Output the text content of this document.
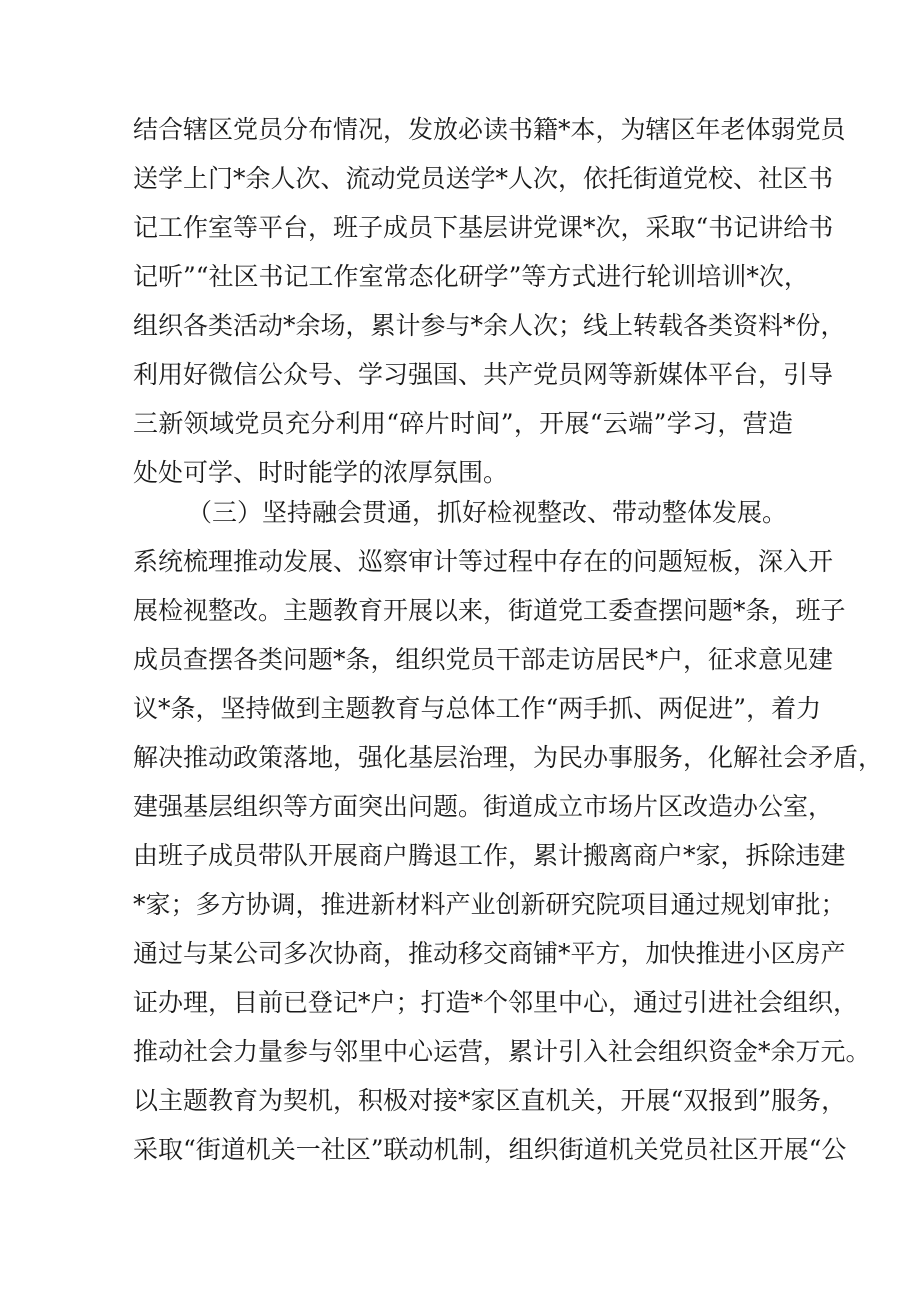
结合辖区党员分布情况，发放必读书籍*本，为辖区年老体弱党员
送学上门*余人次、流动党员送学*人次，依托街道党校、社区书
记工作室等平台，班子成员下基层讲党课*次，采取“书记讲给书
记听”“社区书记工作室常态化研学”等方式进行轮训培训*次，
组织各类活动*余场，累计参与*余人次；线上转载各类资料*份，
利用好微信公众号、学习强国、共产党员网等新媒体平台，引导
三新领域党员充分利用“碎片时间”，开展“云端”学习，营造
处处可学、时时能学的浓厚氛围。
（三）坚持融会贯通，抓好检视整改、带动整体发展。
系统梳理推动发展、巡察审计等过程中存在的问题短板，深入开
展检视整改。主题教育开展以来，街道党工委查摆问题*条，班子
成员查摆各类问题*条，组织党员干部走访居民*户，征求意见建
议*条，坚持做到主题教育与总体工作“两手抓、两促进”，着力
解决推动政策落地，强化基层治理，为民办事服务，化解社会矛盾，
建强基层组织等方面突出问题。街道成立市场片区改造办公室，
由班子成员带队开展商户腾退工作，累计搬离商户*家，拆除违建
*家；多方协调，推进新材料产业创新研究院项目通过规划审批；
通过与某公司多次协商，推动移交商铺*平方，加快推进小区房产
证办理，目前已登记*户；打造*个邻里中心，通过引进社会组织，
推动社会力量参与邻里中心运营，累计引入社会组织资金*余万元。
以主题教育为契机，积极对接*家区直机关，开展“双报到”服务，
采取“街道机关一社区”联动机制，组织街道机关党员社区开展“公
